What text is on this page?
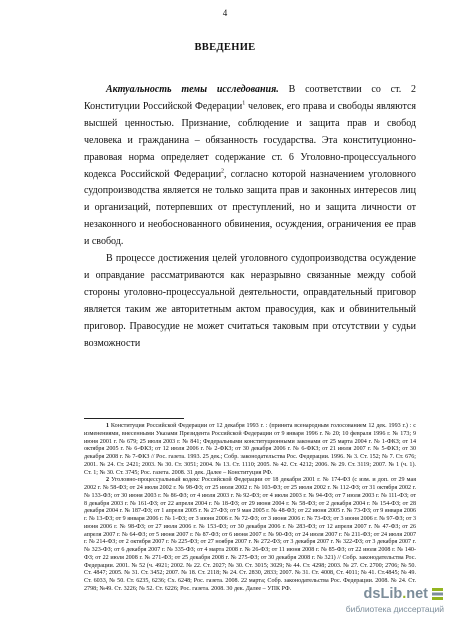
4
ВВЕДЕНИЕ

Актуальность темы исследования. В соответствии со ст. 2 Конституции Российской Федерации$^1$ человек, его права и свободы являются высшей ценностью. Признание, соблюдение и защита прав и свобод человека и гражданина – обязанность государства. Эта конституционно-правовая норма определяет содержание ст. 6 Уголовно-процессуального кодекса Российской Федерации$^2$, согласно которой назначением уголовного судопроизводства является не только защита прав и законных интересов лиц и организаций, потерпевших от преступлений, но и защита личности от незаконного и необоснованного обвинения, осуждения, ограничения ее прав и свобод.

В процессе достижения целей уголовного судопроизводства осуждение и оправдание рассматриваются как неразрывно связанные между собой стороны уголовно-процессуальной деятельности, оправдательный приговор является таким же авторитетным актом правосудия, как и обвинительный приговор. Правосудие не может считаться таковым при отсутствии у судьи возможности

1 Конституция Российской Федерации от 12 декабря 1993 г. : (принята всенародным голосованием 12 дек. 1993 г.) : с изменениями, внесенными Указами Президента Российской Федерации от 9 января 1996 г. № 20; 10 февраля 1996 г. № 173; 9 июня 2001 г. № 679; 25 июля 2003 г. № 841; Федеральными конституционными законами от 25 марта 2004 г. № 1-ФКЗ; от 14 октября 2005 г. № 6-ФКЗ; от 12 июля 2006 г. № 2-ФКЗ; от 30 декабря 2006 г. № 6-ФКЗ; от 21 июля 2007 г. № 5-ФКЗ; от 30 декабря 2008 г. № 7-ФКЗ // Рос. газета. 1993. 25 дек.; Собр. законодательства Рос. Федерации. 1996. № 3. Ст. 152; № 7. Ст. 676; 2001. № 24. Ст. 2421; 2003. № 30. Ст. 3051; 2004. № 13. Ст. 1110; 2005. № 42. Ст. 4212; 2006. № 29. Ст. 3119; 2007. № 1 (ч. 1). Ст. 1; № 30. Ст. 3745; Рос. газета. 2008. 31 дек. Далее – Конституция РФ.

2 Уголовно-процессуальный кодекс Российской Федерации от 18 декабря 2001 г. № 174-ФЗ (с изм. и доп. от 29 мая 2002 г. № 58-ФЗ; от 24 июля 2002 г. № 98-ФЗ; от 25 июля 2002 г. № 103-ФЗ; от 25 июля 2002 г. № 112-ФЗ; от 31 октября 2002 г. № 133-ФЗ; от 30 июня 2003 г. № 86-ФЗ; от 4 июля 2003 г. № 92-ФЗ; от 4 июля 2003 г. № 94-ФЗ; от 7 июля 2003 г. № 111-ФЗ; от 8 декабря 2003 г. № 161-ФЗ; от 22 апреля 2004 г. № 18-ФЗ; от 29 июня 2004 г. № 58-ФЗ; от 2 декабря 2004 г. № 154-ФЗ; от 28 декабря 2004 г. № 187-ФЗ; от 1 апреля 2005 г. № 27-ФЗ; от 9 мая 2005 г. № 48-ФЗ; от 22 июня 2005 г. № 73-ФЗ; от 9 января 2006 г. № 13-ФЗ; от 9 января 2006 г. № 1-ФЗ; от 3 июня 2006 г. № 72-ФЗ; от 3 июня 2006 г. № 73-ФЗ; от 3 июня 2006 г. № 97-ФЗ; от 3 июня 2006 г. № 98-ФЗ; от 27 июля 2006 г. № 153-ФЗ; от 30 декабря 2006 г. № 283-ФЗ; от 12 апреля 2007 г. № 47-ФЗ; от 26 апреля 2007 г. № 64-ФЗ; от 5 июня 2007 г. № 87-ФЗ; от 6 июня 2007 г. № 90-ФЗ; от 24 июля 2007 г. № 211-ФЗ; от 24 июля 2007 г. № 214-ФЗ; от 2 октября 2007 г. № 225-ФЗ; от 27 ноября 2007 г. № 272-ФЗ; от 3 декабря 2007 г. № 322-ФЗ; от 3 декабря 2007 г. № 323-ФЗ; от 6 декабря 2007 г. № 335-ФЗ; от 4 марта 2008 г. № 26-ФЗ; от 11 июня 2008 г. № 85-ФЗ; от 22 июля 2008 г. № 140-ФЗ; от 22 июля 2008 г. № 271-ФЗ; от 25 декабря 2008 г. № 275-ФЗ; от 30 декабря 2008 г. № 321) // Собр. законодательства Рос. Федерации. 2001. № 52 (ч. 4921; 2002. № 22. Ст. 2027; № 30. Ст. 3015; 3029; № 44. Ст. 4298; 2003. № 27. Ст. 2700; 2706; № 50. Ст. 4847; 2005. № 31. Ст. 3452; 2007. № 18. Ст. 2118; № 24. Ст. 2830, 2833; 2007. № 31. Ст. 4008, Ст. 4011; № 41. Ст.4845; № 49. Ст. 6033, № 50. Ст. 6235, 6236; Сх. 6248; Рос. газета. 2008. 22 марта; Собр. законодательства Рос. Федерации. 2008. № 24. Ст. 2798; №49. Ст. 3226; № 52. Ст. 6226; Рос. газета. 2008. 30 дек. Далее – УПК РФ.	dsLib . net
библиотека диссертаций
